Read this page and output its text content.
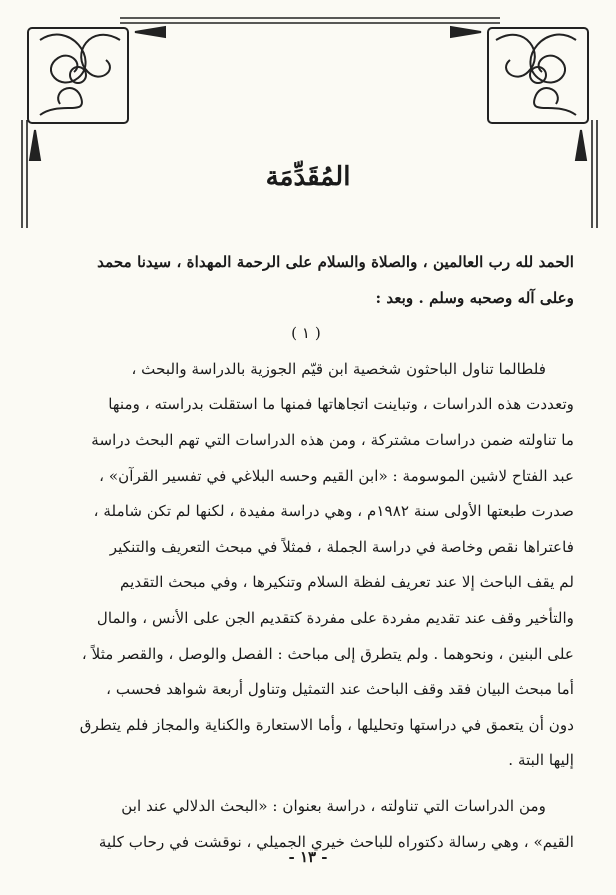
المُقَدِّمَة
الحمد لله رب العالمين ، والصلاة والسلام على الرحمة المهداة ، سيدنا محمد
وعلى آله وصحبه وسلم . وبعد :
( ١ )
فلطالما تناول الباحثون شخصية ابن قيّم الجوزية بالدراسة والبحث ،
وتعددت هذه الدراسات ، وتباينت اتجاهاتها فمنها ما استقلت بدراسته ، ومنها
ما تناولته ضمن دراسات مشتركة ، ومن هذه الدراسات التي تهم البحث دراسة
عبد الفتاح لاشين الموسومة : «ابن القيم وحسه البلاغي في تفسير القرآن» ،
صدرت طبعتها الأولى سنة ١٩٨٢م ، وهي دراسة مفيدة ، لكنها لم تكن شاملة ،
فاعتراها نقص وخاصة في دراسة الجملة ، فمثلاً في مبحث التعريف والتنكير
لم يقف الباحث إلا عند تعريف لفظة السلام وتنكيرها ، وفي مبحث التقديم
والتأخير وقف عند تقديم مفردة على مفردة كتقديم الجن على الأنس ، والمال
على البنين ، ونحوهما . ولم يتطرق إلى مباحث : الفصل والوصل ، والقصر مثلاً ،
أما مبحث البيان فقد وقف الباحث عند التمثيل وتناول أربعة شواهد فحسب ،
دون أن يتعمق في دراستها وتحليلها ، وأما الاستعارة والكناية والمجاز فلم يتطرق
إليها البتة .
ومن الدراسات التي تناولته ، دراسة بعنوان : «البحث الدلالي عند ابن
القيم» ، وهي رسالة دكتوراه للباحث خيري الجميلي ، نوقشت في رحاب كلية
- ١٣ -
